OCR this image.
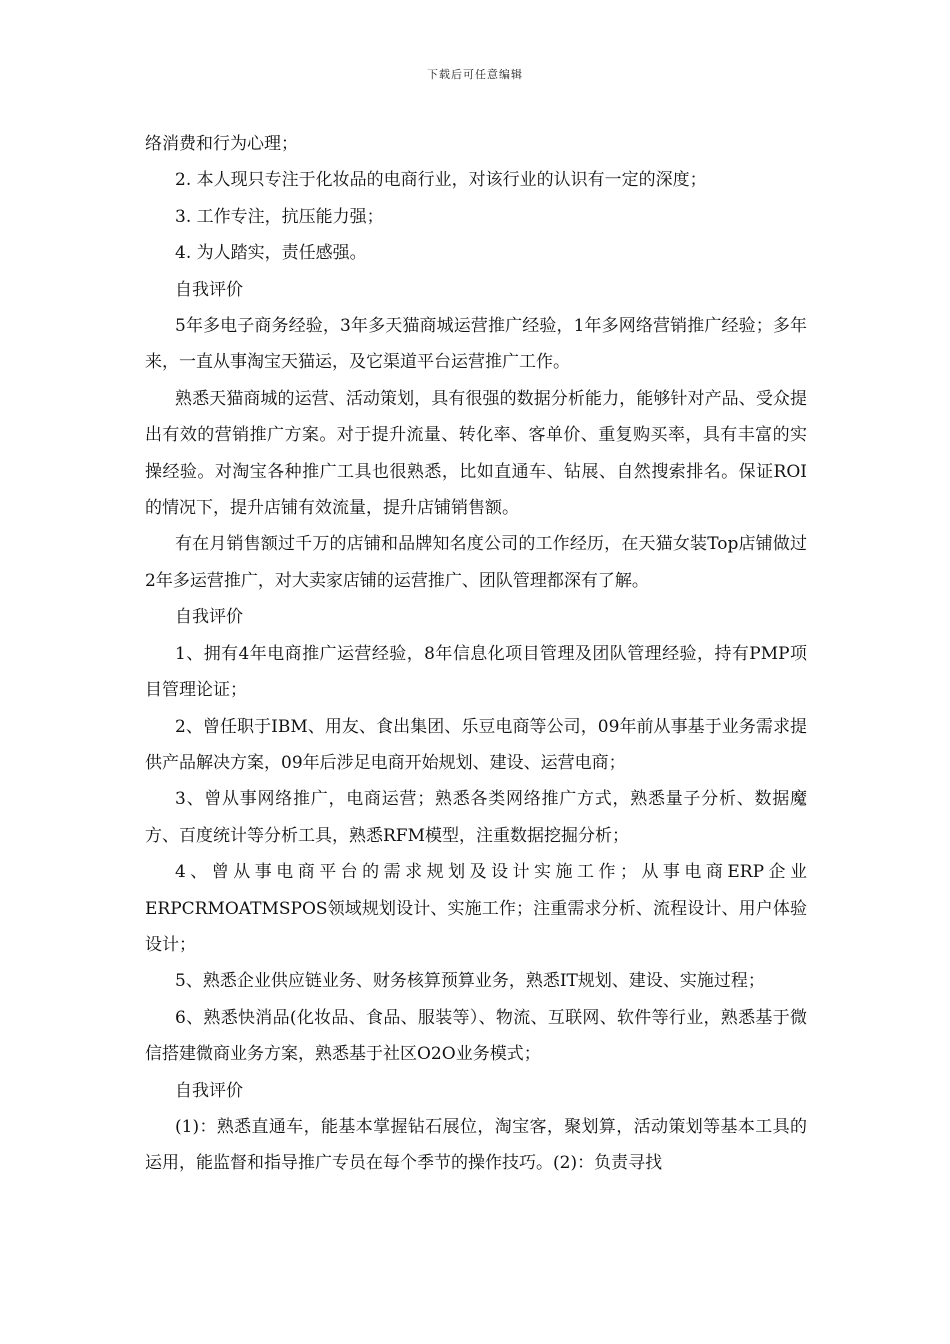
下载后可任意编辑

络消费和行为心理；

2. 本人现只专注于化妆品的电商行业，对该行业的认识有一定的深度；

3. 工作专注，抗压能力强；

4. 为人踏实，责任感强。

自我评价

5年多电子商务经验，3年多天猫商城运营推广经验，1年多网络营销推广经验；多年来，一直从事淘宝天猫运，及它渠道平台运营推广工作。

熟悉天猫商城的运营、活动策划，具有很强的数据分析能力，能够针对产品、受众提出有效的营销推广方案。对于提升流量、转化率、客单价、重复购买率，具有丰富的实操经验。对淘宝各种推广工具也很熟悉，比如直通车、钻展、自然搜索排名。保证ROI的情况下，提升店铺有效流量，提升店铺销售额。

有在月销售额过千万的店铺和品牌知名度公司的工作经历，在天猫女装Top店铺做过2年多运营推广，对大卖家店铺的运营推广、团队管理都深有了解。

自我评价

1、拥有4年电商推广运营经验，8年信息化项目管理及团队管理经验，持有PMP项目管理论证；

2、曾任职于IBM、用友、食出集团、乐豆电商等公司，09年前从事基于业务需求提供产品解决方案，09年后涉足电商开始规划、建设、运营电商；

3、曾从事网络推广，电商运营；熟悉各类网络推广方式，熟悉量子分析、数据魔方、百度统计等分析工具，熟悉RFM模型，注重数据挖掘分析；

4、曾从事电商平台的需求规划及设计实施工作；从事电商ERP企业ERPCRMOATMSPOS领域规划设计、实施工作；注重需求分析、流程设计、用户体验设计；

5、熟悉企业供应链业务、财务核算预算业务，熟悉IT规划、建设、实施过程；

6、熟悉快消品(化妆品、食品、服装等）、物流、互联网、软件等行业，熟悉基于微信搭建微商业务方案，熟悉基于社区O2O业务模式；

自我评价

(1)：熟悉直通车，能基本掌握钻石展位，淘宝客，聚划算，活动策划等基本工具的运用，能监督和指导推广专员在每个季节的操作技巧。(2)：负责寻找
